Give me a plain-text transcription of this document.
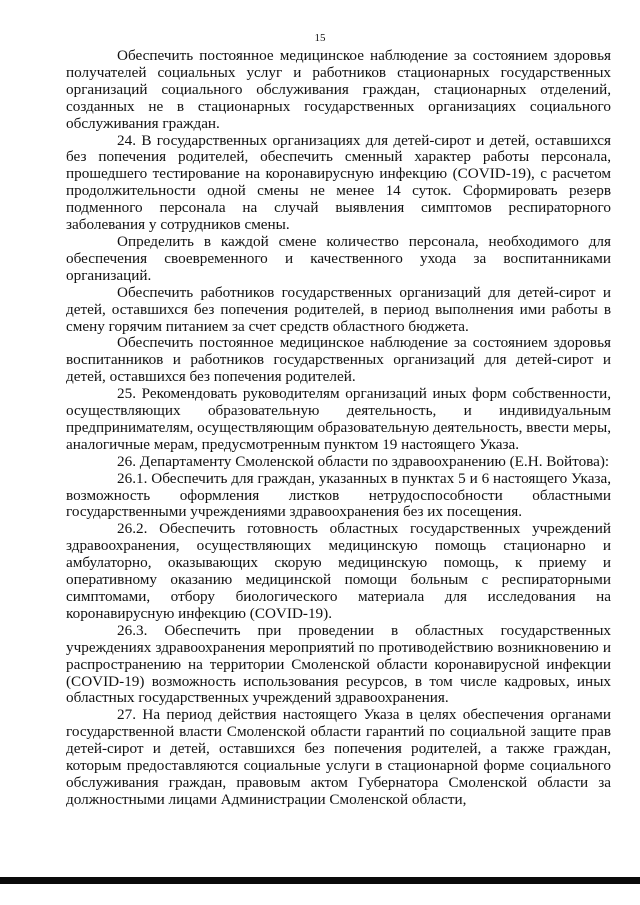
15

Обеспечить постоянное медицинское наблюдение за состоянием здоровья получателей социальных услуг и работников стационарных государственных организаций социального обслуживания граждан, стационарных отделений, созданных не в стационарных государственных организациях социального обслуживания граждан.

24. В государственных организациях для детей-сирот и детей, оставшихся без попечения родителей, обеспечить сменный характер работы персонала, прошедшего тестирование на коронавирусную инфекцию (COVID-19), с расчетом продолжительности одной смены не менее 14 суток. Сформировать резерв подменного персонала на случай выявления симптомов респираторного заболевания у сотрудников смены.

Определить в каждой смене количество персонала, необходимого для обеспечения своевременного и качественного ухода за воспитанниками организаций.

Обеспечить работников государственных организаций для детей-сирот и детей, оставшихся без попечения родителей, в период выполнения ими работы в смену горячим питанием за счет средств областного бюджета.

Обеспечить постоянное медицинское наблюдение за состоянием здоровья воспитанников и работников государственных организаций для детей-сирот и детей, оставшихся без попечения родителей.

25. Рекомендовать руководителям организаций иных форм собственности, осуществляющих образовательную деятельность, и индивидуальным предпринимателям, осуществляющим образовательную деятельность, ввести меры, аналогичные мерам, предусмотренным пунктом 19 настоящего Указа.

26. Департаменту Смоленской области по здравоохранению (Е.Н. Войтова):

26.1. Обеспечить для граждан, указанных в пунктах 5 и 6 настоящего Указа, возможность оформления листков нетрудоспособности областными государственными учреждениями здравоохранения без их посещения.

26.2. Обеспечить готовность областных государственных учреждений здравоохранения, осуществляющих медицинскую помощь стационарно и амбулаторно, оказывающих скорую медицинскую помощь, к приему и оперативному оказанию медицинской помощи больным с респираторными симптомами, отбору биологического материала для исследования на коронавирусную инфекцию (COVID-19).

26.3. Обеспечить при проведении в областных государственных учреждениях здравоохранения мероприятий по противодействию возникновению и распространению на территории Смоленской области коронавирусной инфекции (COVID-19) возможность использования ресурсов, в том числе кадровых, иных областных государственных учреждений здравоохранения.

27. На период действия настоящего Указа в целях обеспечения органами государственной власти Смоленской области гарантий по социальной защите прав детей-сирот и детей, оставшихся без попечения родителей, а также граждан, которым предоставляются социальные услуги в стационарной форме социального обслуживания граждан, правовым актом Губернатора Смоленской области за должностными лицами Администрации Смоленской области,
